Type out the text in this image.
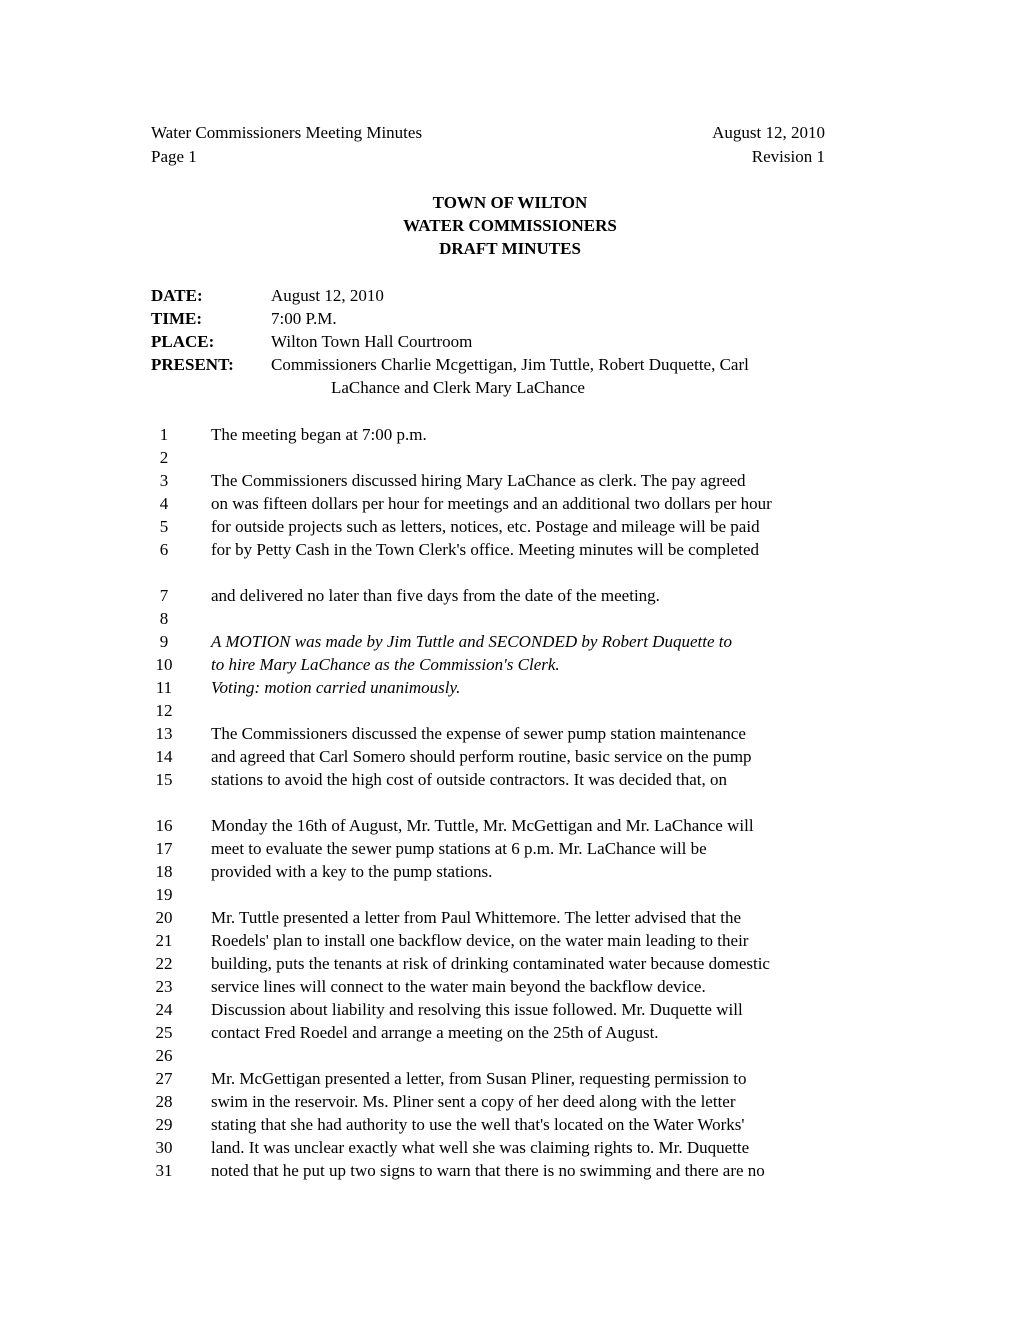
Water Commissioners Meeting Minutes	August 12, 2010
Page 1	Revision 1
TOWN OF WILTON
WATER COMMISSIONERS
DRAFT MINUTES
DATE:	August 12, 2010
TIME:	7:00 P.M.
PLACE:	Wilton Town Hall Courtroom
PRESENT: Commissioners Charlie Mcgettigan, Jim Tuttle, Robert Duquette, Carl
LaChance and Clerk Mary LaChance
1	The meeting began at 7:00 p.m.
2
3	The Commissioners discussed hiring Mary LaChance as clerk. The pay agreed
4	on was fifteen dollars per hour for meetings and an additional two dollars per hour
5	for outside projects such as letters, notices, etc. Postage and mileage will be paid
6	for by Petty Cash in the Town Clerk's office. Meeting minutes will be completed
7	and delivered no later than five days from the date of the meeting.
8
9	A MOTION was made by Jim Tuttle and SECONDED by Robert Duquette to
10 to hire Mary LaChance as the Commission's Clerk.
11 Voting: motion carried unanimously.
12
13 The Commissioners discussed the expense of sewer pump station maintenance
14 and agreed that Carl Somero should perform routine, basic service on the pump
15 stations to avoid the high cost of outside contractors. It was decided that, on
16 Monday the 16th of August, Mr. Tuttle, Mr. McGettigan and Mr. LaChance will
17 meet to evaluate the sewer pump stations at 6 p.m. Mr. LaChance will be
18 provided with a key to the pump stations.
19
20 Mr. Tuttle presented a letter from Paul Whittemore. The letter advised that the
21 Roedels' plan to install one backflow device, on the water main leading to their
22 building, puts the tenants at risk of drinking contaminated water because domestic
23 service lines will connect to the water main beyond the backflow device.
24 Discussion about liability and resolving this issue followed. Mr. Duquette will
25 contact Fred Roedel and arrange a meeting on the 25th of August.
26
27 Mr. McGettigan presented a letter, from Susan Pliner, requesting permission to
28 swim in the reservoir. Ms. Pliner sent a copy of her deed along with the letter
29 stating that she had authority to use the well that's located on the Water Works'
30 land. It was unclear exactly what well she was claiming rights to. Mr. Duquette
31 noted that he put up two signs to warn that there is no swimming and there are no
